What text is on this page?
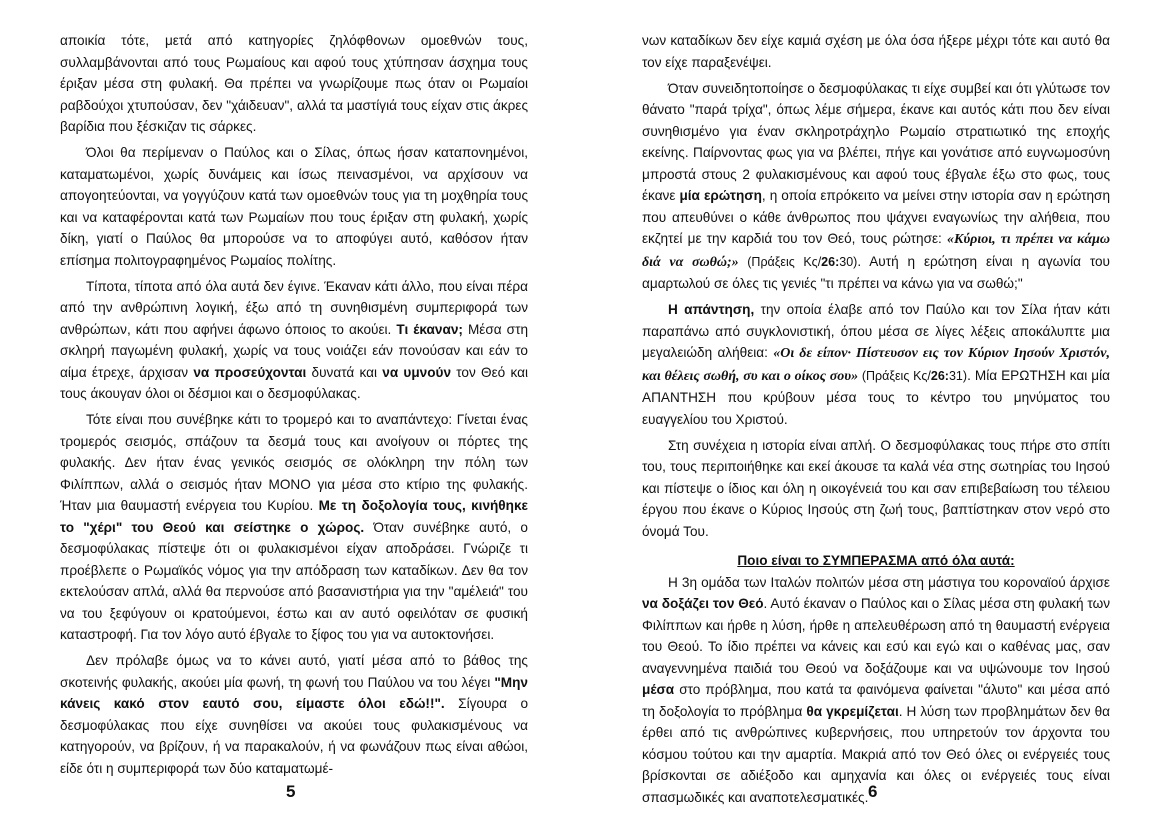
αποικία τότε, μετά από κατηγορίες ζηλόφθονων ομοεθνών τους, συλλαμβάνονται από τους Ρωμαίους και αφού τους χτύπησαν άσχημα τους έριξαν μέσα στη φυλακή. Θα πρέπει να γνωρίζουμε πως όταν οι Ρωμαίοι ραβδούχοι χτυπούσαν, δεν "χάιδευαν", αλλά τα μαστίγιά τους είχαν στις άκρες βαρίδια που ξέσκιζαν τις σάρκες.

Όλοι θα περίμεναν ο Παύλος και ο Σίλας, όπως ήσαν καταπονημένοι, καταματωμένοι, χωρίς δυνάμεις και ίσως πεινασμένοι, να αρχίσουν να απογοητεύονται, να γογγύζουν κατά των ομοεθνών τους για τη μοχθηρία τους και να καταφέρονται κατά των Ρωμαίων που τους έριξαν στη φυλακή, χωρίς δίκη, γιατί ο Παύλος θα μπορούσε να το αποφύγει αυτό, καθόσον ήταν επίσημα πολιτογραφημένος Ρωμαίος πολίτης.

Τίποτα, τίποτα από όλα αυτά δεν έγινε. Έκαναν κάτι άλλο, που είναι πέρα από την ανθρώπινη λογική, έξω από τη συνηθισμένη συμπεριφορά των ανθρώπων, κάτι που αφήνει άφωνο όποιος το ακούει. Τι έκαναν; Μέσα στη σκληρή παγωμένη φυλακή, χωρίς να τους νοιάζει εάν πονούσαν και εάν το αίμα έτρεχε, άρχισαν να προσεύχονται δυνατά και να υμνούν τον Θεό και τους άκουγαν όλοι οι δέσμιοι και ο δεσμοφύλακας.

Τότε είναι που συνέβηκε κάτι το τρομερό και το αναπάντεχο: Γίνεται ένας τρομερός σεισμός, σπάζουν τα δεσμά τους και ανοίγουν οι πόρτες της φυλακής. Δεν ήταν ένας γενικός σεισμός σε ολόκληρη την πόλη των Φιλίππων, αλλά ο σεισμός ήταν ΜΟΝΟ για μέσα στο κτίριο της φυλακής. Ήταν μια θαυμαστή ενέργεια του Κυρίου. Με τη δοξολογία τους, κινήθηκε το "χέρι" του Θεού και σείστηκε ο χώρος. Όταν συνέβηκε αυτό, ο δεσμοφύλακας πίστεψε ότι οι φυλακισμένοι είχαν αποδράσει. Γνώριζε τι προέβλεπε ο Ρωμαϊκός νόμος για την απόδραση των καταδίκων. Δεν θα τον εκτελούσαν απλά, αλλά θα περνούσε από βασανιστήρια για την "αμέλειά" του να του ξεφύγουν οι κρατούμενοι, έστω και αν αυτό οφειλόταν σε φυσική καταστροφή. Για τον λόγο αυτό έβγαλε το ξίφος του για να αυτοκτονήσει.

Δεν πρόλαβε όμως να το κάνει αυτό, γιατί μέσα από το βάθος της σκοτεινής φυλακής, ακούει μία φωνή, τη φωνή του Παύλου να του λέγει "Μην κάνεις κακό στον εαυτό σου, είμαστε όλοι εδώ!!". Σίγουρα ο δεσμοφύλακας που είχε συνηθίσει να ακούει τους φυλακισμένους να κατηγορούν, να βρίζουν, ή να παρακαλούν, ή να φωνάζουν πως είναι αθώοι, είδε ότι η συμπεριφορά των δύο καταματωμέ-

νων καταδίκων δεν είχε καμιά σχέση με όλα όσα ήξερε μέχρι τότε και αυτό θα τον είχε παραξενέψει.

Όταν συνειδητοποίησε ο δεσμοφύλακας τι είχε συμβεί και ότι γλύτωσε τον θάνατο "παρά τρίχα", όπως λέμε σήμερα, έκανε και αυτός κάτι που δεν είναι συνηθισμένο για έναν σκληροτράχηλο Ρωμαίο στρατιωτικό της εποχής εκείνης. Παίρνοντας φως για να βλέπει, πήγε και γονάτισε από ευγνωμοσύνη μπροστά στους 2 φυλακισμένους και αφού τους έβγαλε έξω στο φως, τους έκανε μία ερώτηση, η οποία επρόκειτο να μείνει στην ιστορία σαν η ερώτηση που απευθύνει ο κάθε άνθρωπος που ψάχνει εναγωνίως την αλήθεια, που εκζητεί με την καρδιά του τον Θεό, τους ρώτησε: «Κύριοι, τι πρέπει να κάμω διά να σωθώ;» (Πράξεις Κς/26:30). Αυτή η ερώτηση είναι η αγωνία του αμαρτωλού σε όλες τις γενιές "τι πρέπει να κάνω για να σωθώ;"

Η απάντηση, την οποία έλαβε από τον Παύλο και τον Σίλα ήταν κάτι παραπάνω από συγκλονιστική, όπου μέσα σε λίγες λέξεις αποκάλυπτε μια μεγαλειώδη αλήθεια: «Οι δε είπον· Πίστευσον εις τον Κύριον Ιησούν Χριστόν, και θέλεις σωθή, συ και ο οίκος σου» (Πράξεις Κς/26:31). Μία ΕΡΩΤΗΣΗ και μία ΑΠΑΝΤΗΣΗ που κρύβουν μέσα τους το κέντρο του μηνύματος του ευαγγελίου του Χριστού.

Στη συνέχεια η ιστορία είναι απλή. Ο δεσμοφύλακας τους πήρε στο σπίτι του, τους περιποιήθηκε και εκεί άκουσε τα καλά νέα στης σωτηρίας του Ιησού και πίστεψε ο ίδιος και όλη η οικογένειά του και σαν επιβεβαίωση του τέλειου έργου που έκανε ο Κύριος Ιησούς στη ζωή τους, βαπτίστηκαν στον νερό στο όνομά Του.

Ποιο είναι το ΣΥΜΠΕΡΑΣΜΑ από όλα αυτά:

Η 3η ομάδα των Ιταλών πολιτών μέσα στη μάστιγα του κοροναϊού άρχισε να δοξάζει τον Θεό. Αυτό έκαναν ο Παύλος και ο Σίλας μέσα στη φυλακή των Φιλίππων και ήρθε η λύση, ήρθε η απελευθέρωση από τη θαυμαστή ενέργεια του Θεού. Το ίδιο πρέπει να κάνεις και εσύ και εγώ και ο καθένας μας, σαν αναγεννημένα παιδιά του Θεού να δοξάζουμε και να υψώνουμε τον Ιησού μέσα στο πρόβλημα, που κατά τα φαινόμενα φαίνεται "άλυτο" και μέσα από τη δοξολογία το πρόβλημα θα γκρεμίζεται. Η λύση των προβλημάτων δεν θα έρθει από τις ανθρώπινες κυβερνήσεις, που υπηρετούν τον άρχοντα του κόσμου τούτου και την αμαρτία. Μακριά από τον Θεό όλες οι ενέργειές τους βρίσκονται σε αδιέξοδο και αμηχανία και όλες οι ενέργειές τους είναι σπασμωδικές και αναποτελεσματικές.

5	6
